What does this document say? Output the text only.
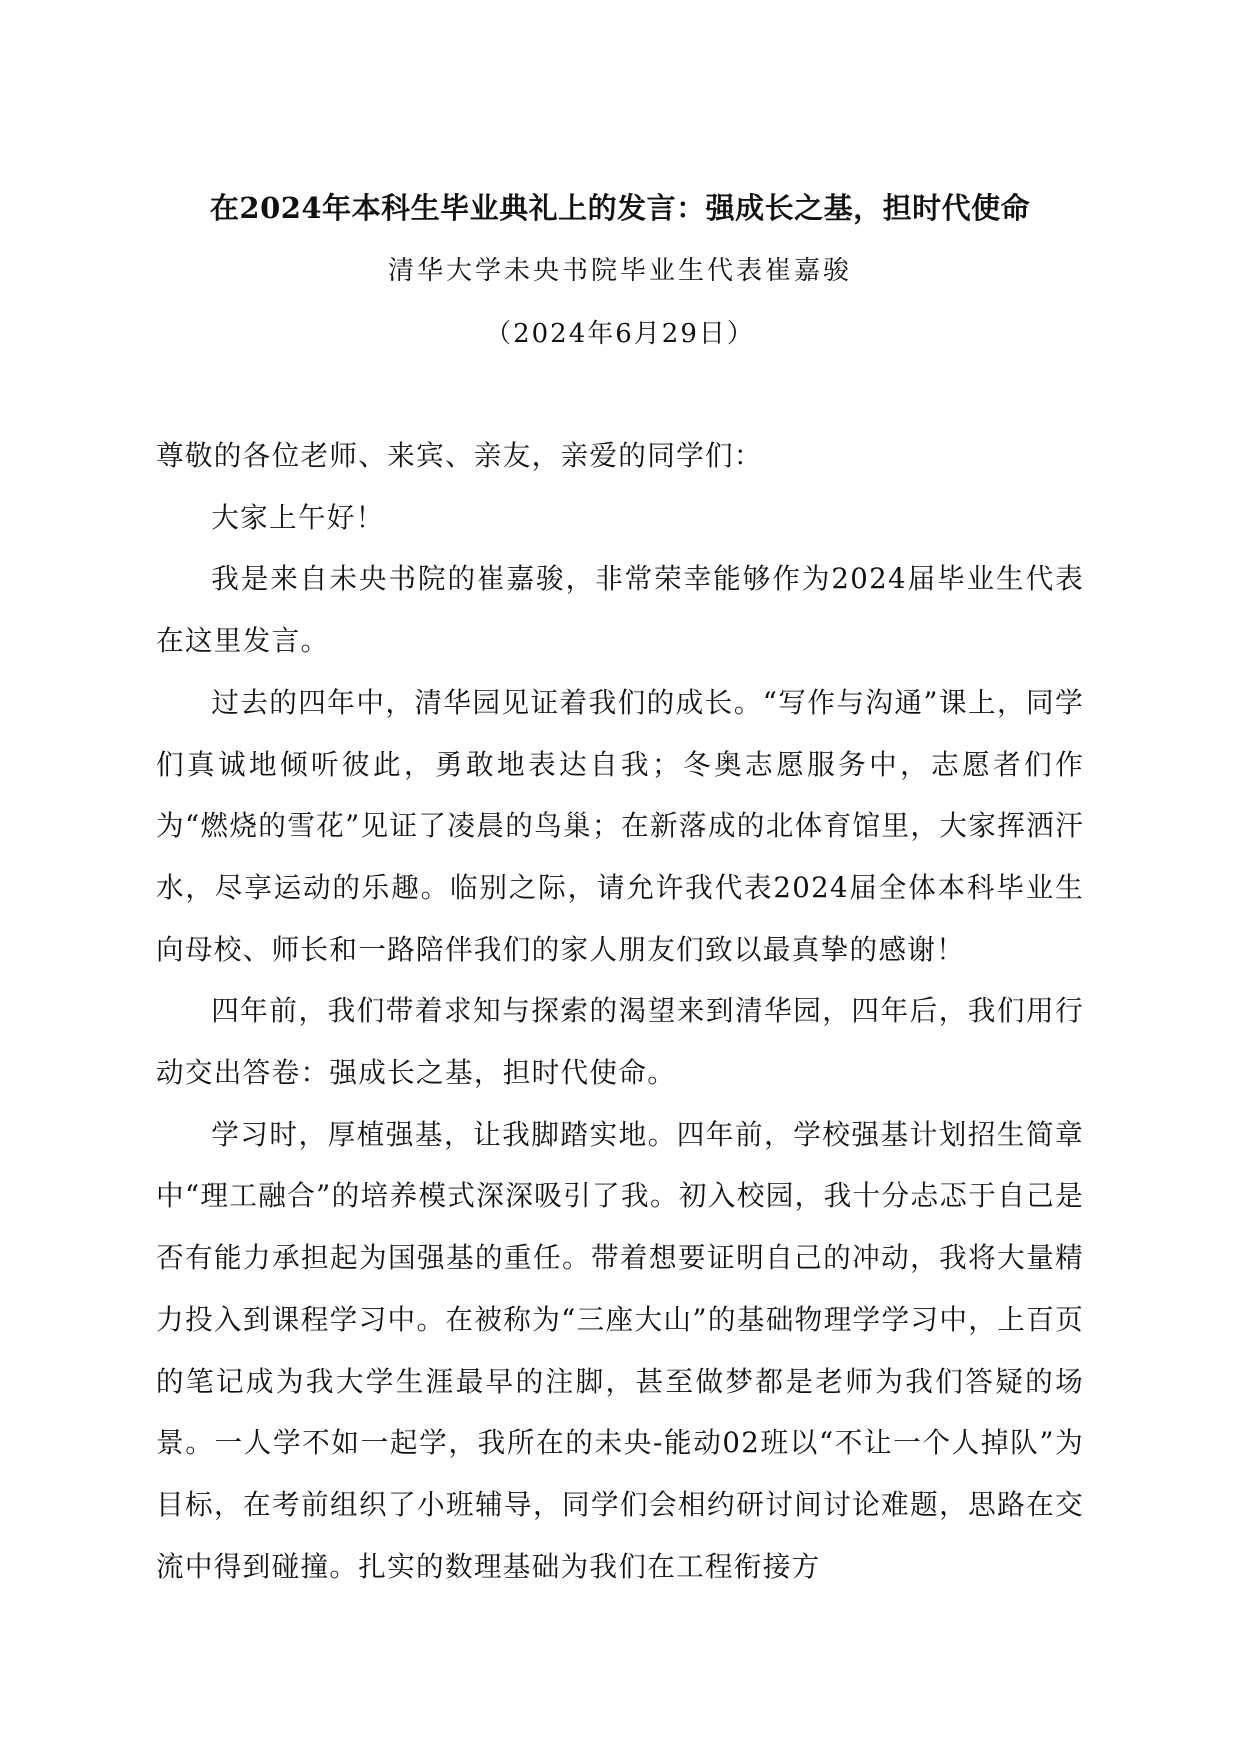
在2024年本科生毕业典礼上的发言：强成长之基，担时代使命
清华大学未央书院毕业生代表崔嘉骏
（2024年6月29日）

尊敬的各位老师、来宾、亲友，亲爱的同学们：

大家上午好！

我是来自未央书院的崔嘉骏，非常荣幸能够作为2024届毕业生代表在这里发言。

过去的四年中，清华园见证着我们的成长。“写作与沟通”课上，同学们真诚地倾听彼此，勇敢地表达自我；冬奥志愿服务中，志愿者们作为“燃烧的雪花”见证了凌晨的鸟巢；在新落成的北体育馆里，大家挥洒汗水，尽享运动的乐趣。临别之际，请允许我代表2024届全体本科毕业生向母校、师长和一路陪伴我们的家人朋友们致以最真挚的感谢！

四年前，我们带着求知与探索的渴望来到清华园，四年后，我们用行动交出答卷：强成长之基，担时代使命。

学习时，厚植强基，让我脚踏实地。四年前，学校强基计划招生简章中“理工融合”的培养模式深深吸引了我。初入校园，我十分忐忑于自己是否有能力承担起为国强基的重任。带着想要证明自己的冲动，我将大量精力投入到课程学习中。在被称为“三座大山”的基础物理学学习中，上百页的笔记成为我大学生涯最早的注脚，甚至做梦都是老师为我们答疑的场景。一人学不如一起学，我所在的未央-能动02班以“不让一个人掉队”为目标，在考前组织了小班辅导，同学们会相约研讨间讨论难题，思路在交流中得到碰撞。扎实的数理基础为我们在工程衔接方
